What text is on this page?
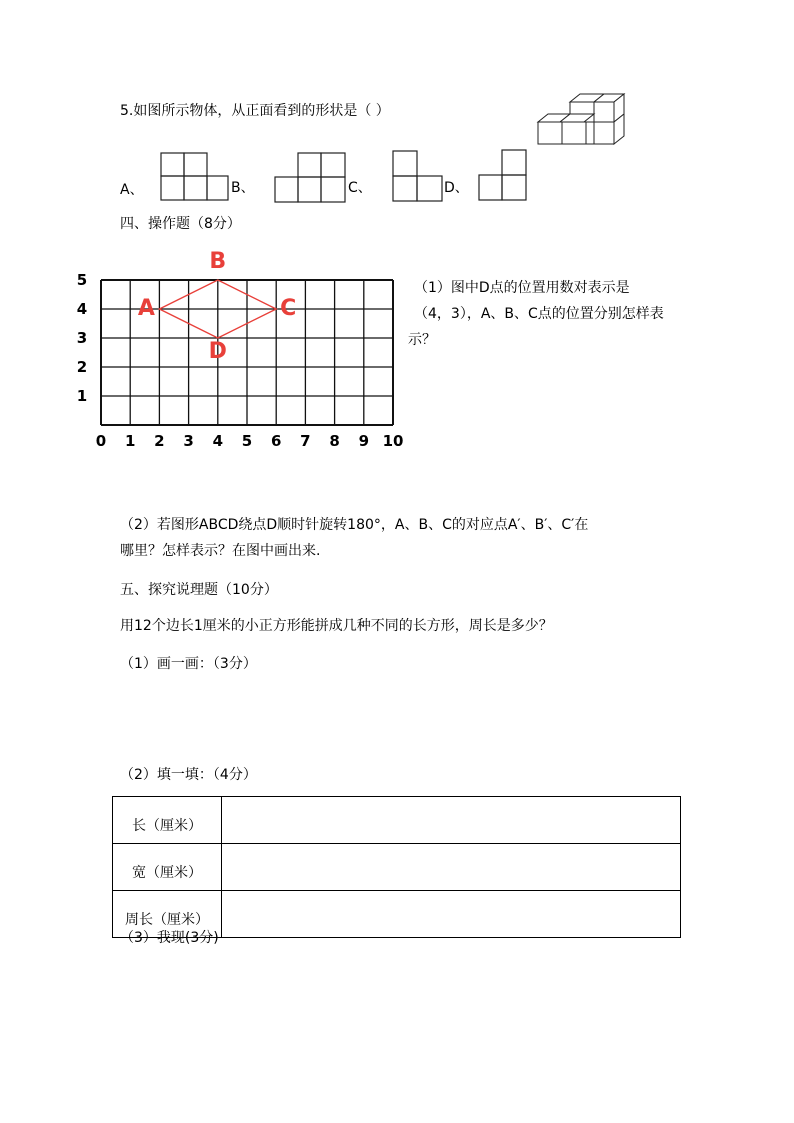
5.如图所示物体，从正面看到的形状是（ ）
A、	B、	C、	D、
四、操作题（8分）
0 1 2 3 4 5 6 7 8 9 10
5
4
3
2
1
A
B
C
D
（1）图中D点的位置用数对表示是
（4，3），A、B、C点的位置分别怎样表
示？
（2）若图形ABCD绕点D顺时针旋转180°，A、B、C的对应点A′、B′、C′在
哪里？怎样表示？在图中画出来.
五、探究说理题（10分）
用12个边长1厘米的小正方形能拼成几种不同的长方形，周长是多少？
（1）画一画：（3分）
（2）填一填：（4分）
长（厘米）	
宽（厘米）	
周长（厘米）	
（3）我现(3分)
